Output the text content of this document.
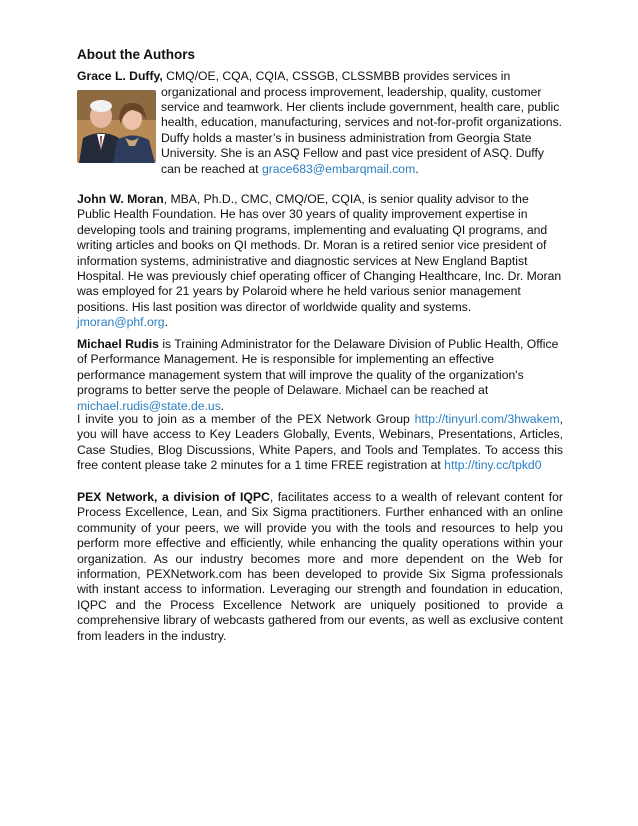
About the Authors

Grace L. Duffy, CMQ/OE, CQA, CQIA, CSSGB, CLSSMBB provides services in

organizational and process improvement, leadership, quality, customer service and teamwork. Her clients include government, health care, public health, education, manufacturing, services and not-for-profit organizations. Duffy holds a master’s in business administration from Georgia State University. She is an ASQ Fellow and past vice president of ASQ. Duffy can be reached at grace683@embarqmail.com.

John W. Moran, MBA, Ph.D., CMC, CMQ/OE, CQIA, is senior quality advisor to the Public Health Foundation. He has over 30 years of quality improvement expertise in developing tools and training programs, implementing and evaluating QI programs, and writing articles and books on QI methods. Dr. Moran is a retired senior vice president of information systems, administrative and diagnostic services at New England Baptist Hospital. He was previously chief operating officer of Changing Healthcare, Inc. Dr. Moran was employed for 21 years by Polaroid where he held various senior management positions. His last position was director of worldwide quality and systems. jmoran@phf.org.

Michael Rudis is Training Administrator for the Delaware Division of Public Health, Office of Performance Management. He is responsible for implementing an effective performance management system that will improve the quality of the organization's programs to better serve the people of Delaware. Michael can be reached at michael.rudis@state.de.us.

I invite you to join as a member of the PEX Network Group http://tinyurl.com/3hwakem, you will have access to Key Leaders Globally, Events, Webinars, Presentations, Articles, Case Studies, Blog Discussions, White Papers, and Tools and Templates. To access this free content please take 2 minutes for a 1 time FREE registration at http://tiny.cc/tpkd0

PEX Network, a division of IQPC, facilitates access to a wealth of relevant content for Process Excellence, Lean, and Six Sigma practitioners. Further enhanced with an online community of your peers, we will provide you with the tools and resources to help you perform more effective and efficiently, while enhancing the quality operations within your organization. As our industry becomes more and more dependent on the Web for information, PEXNetwork.com has been developed to provide Six Sigma professionals with instant access to information. Leveraging our strength and foundation in education, IQPC and the Process Excellence Network are uniquely positioned to provide a comprehensive library of webcasts gathered from our events, as well as exclusive content from leaders in the industry.
